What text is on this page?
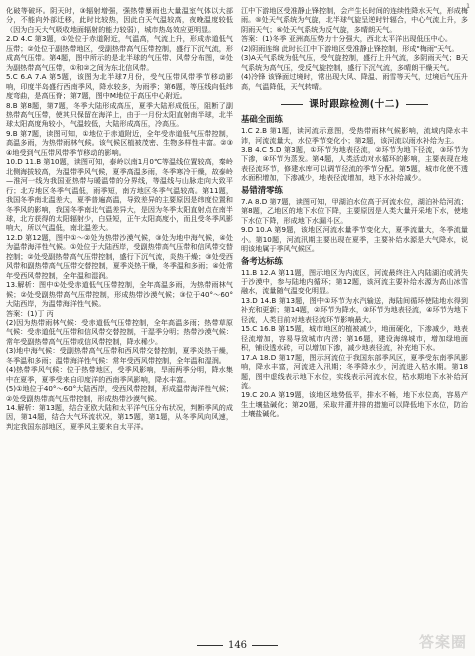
化破等破坏。阴天时，③辐射增强，强热带暴雨也大量温室气体以大部分，不能向外部迁移，此时比较热，因此白天气温较高，夜晚温度较低（因为白天大气吸收地面辐射的能力较弱），城市热岛效应更明显。

2.D 4.C 第3题，①处位于赤道附近，气温高，气流上升，形成赤道低气压带；②处位于副热带地区，受副热带高气压带控制，盛行下沉气流，形成高气压带。第4题，图中所示的是北半球的气压带、风带分布图，②处为副热带高气压带，①和②之间为东北信风带。

5.C 6.A 7.A 第5题，该图为北半球7月份，受气压带风带季节移动影响，印度半岛盛行西南季风，降水较多，为雨季；第6题，等压线向低纬度弯曲，是高压脊；第7题，图中M地位于高压中心附近。

8.B 第8题，第7题，冬季大陆形成高压，夏季大陆形成低压，阻断了副热带高气压带，使其只保留在海洋上，由于一月份太阳直射南半球，北半球太阳高度角较小，气温较低，大陆形成高压，冷高压。

9.B 第7题，读图可知，①地位于赤道附近，全年受赤道低气压带控制，高温多雨，为热带雨林气候。该气候区植被茂密、生物多样性丰富。②③④地受到气压带风带季节移动的影响。

10.D 11.B 第10题，读图可知，泰岭以南1月0℃等温线位置较高，秦岭北侧海拔较高，为温带季风气候，夏季高温多雨，冬季寒冷干燥，故泰岭—淮河一线为我国亚热带与暖温带的分界线，等温线与山脉走向大致平行；北方地区冬季气温低，雨季短，南方地区冬季气温较高。第11题，我国冬季南北温差大，夏季普遍高温，导致差异的主要原因是纬度位置和冬季风的影响，我国冬季南北气温差异大，是因为冬季太阳直射点在南半球，北方获得的太阳辐射少，白昼短，正午太阳高度小，而且受冬季风影响大，所以气温低，南北温差大。

12.D 第12题，图中①～②处为热带沙漠气候，③处为地中海气候，④处为温带海洋性气候。①处位于大陆西岸，受副热带高气压带和信风带交替控制；②处受副热带高气压带控制，盛行下沉气流，炎热干燥；③处受西风带和副热带高气压带交替控制，夏季炎热干燥，冬季温和多雨；④处常年受西风带控制，全年温和湿润。

13.解析：图中①处受赤道低气压带控制，全年高温多雨，为热带雨林气候；②处受副热带高气压带控制，形成热带沙漠气候；③位于40°～60°大陆西岸，为温带海洋性气候。

答案：(1)丁 丙

(2)因为热带雨林气候：受赤道低气压带控制，全年高温多雨；热带草原气候：受赤道低气压带和信风带交替控制，干湿季分明；热带沙漠气候：常年受副热带高气压带或信风带控制，降水稀少。

(3)地中海气候：受副热带高气压带和西风带交替控制，夏季炎热干燥，冬季温和多雨；温带海洋性气候：常年受西风带控制，全年温和湿润。

(4)热带季风气候：位于热带地区，受季风影响，旱雨两季分明，降水集中在夏季，夏季受来自印度洋的西南季风影响，降水丰富。

(5)①地位于40°～60°大陆西岸，受西风带控制，形成温带海洋性气候；②处受副热带高气压带控制，形成热带沙漠气候。

14.解析：第13题，结合亚欧大陆和太平洋气压分布状况，判断季风的成因，第14题，结合大气环流状况，第15题，第1题，从冬季风向风速，判定我国东部地区，夏季风主要来自太平洋。

江中下游地区受准静止锋控制，会产生长时间的连续性降水天气，形成梅雨。⑤处天气系统为气旋，北半球气旋呈逆时针辐合，中心气流上升，多阴雨天气；⑥处天气系统为反气旋，多晴朗天气。

答案：(1)冬季 亚洲高压势力十分强大，西北太平洋出现低压中心。

(2)阴雨连绵 此时长江中下游地区受准静止锋控制，形成"梅雨"天气。

(3)A天气系统为低气压，受气旋控制，盛行上升气流，多阴雨天气；B天气系统为高气压，受反气旋控制，盛行下沉气流，多晴朗干燥天气。

(4)冷锋 该锋面过境时，常出现大风、降温、雨雪等天气，过境后气压升高，气温降低，天气转晴。

课时跟踪检测(十二)
基础全面练

1.C 2.B 第1题，读河流示意图，受热带雨林气候影响，流域内降水丰沛，河流流量大，水位季节变化小；第2题，该河流以雨水补给为主。

3.B 4.C 5.D 第3题，①环节为地表径流，②环节为地下径流，③环节为下渗，④环节为蒸发。第4题，人类活动对水循环的影响，主要表现在地表径流环节，修建水库可以调节径流的季节分配。第5题，城市化使不透水面积增加，下渗减少，地表径流增加，地下水补给减少。

易错清零练

7.A 8.D 第7题，读图可知，甲湖泊水位高于河流水位，湖泊补给河流；第8题，乙地区的地下水位下降，主要原因是人类大量开采地下水，使地下水位下降，形成地下水漏斗区。

9.D 10.A 第9题，该地区河流水量季节变化大，夏季流量大，冬季流量小。第10题，河流汛期主要出现在夏季，主要补给水源是大气降水，说明该地属于季风气候区。

备考达标练

11.B 12.A 第11题，图示地区为内流区，河流最终注入内陆湖泊或消失于沙漠中，参与陆地内循环；第12题，该河流主要补给水源为高山冰雪融水，流量随气温变化明显。

13.D 14.B 第13题，图中①环节为水汽输送，海陆间循环使陆地水得到补充和更新；第14题，②环节为降水，③环节为地表径流，④环节为地下径流，人类目前对地表径流环节影响最大。

15.C 16.B 第15题，城市地区的植被减少，地面硬化，下渗减少，地表径流增加，容易导致城市内涝；第16题，建设海绵城市，增加绿地面积，铺设透水砖，可以增加下渗，减少地表径流，补充地下水。

17.A 18.D 第17题，图示河流位于我国东部季风区，夏季受东南季风影响，降水丰富，河流进入汛期；冬季降水少，河流进入枯水期。第18题，图中虚线表示地下水位，实线表示河流水位，枯水期地下水补给河流。

19.C 20.A 第19题，该地区地势低平，排水不畅，地下水位高，容易产生土壤盐碱化；第20题，采取井灌井排的措施可以降低地下水位，防治土壤盐碱化。

1
146	答案圈
